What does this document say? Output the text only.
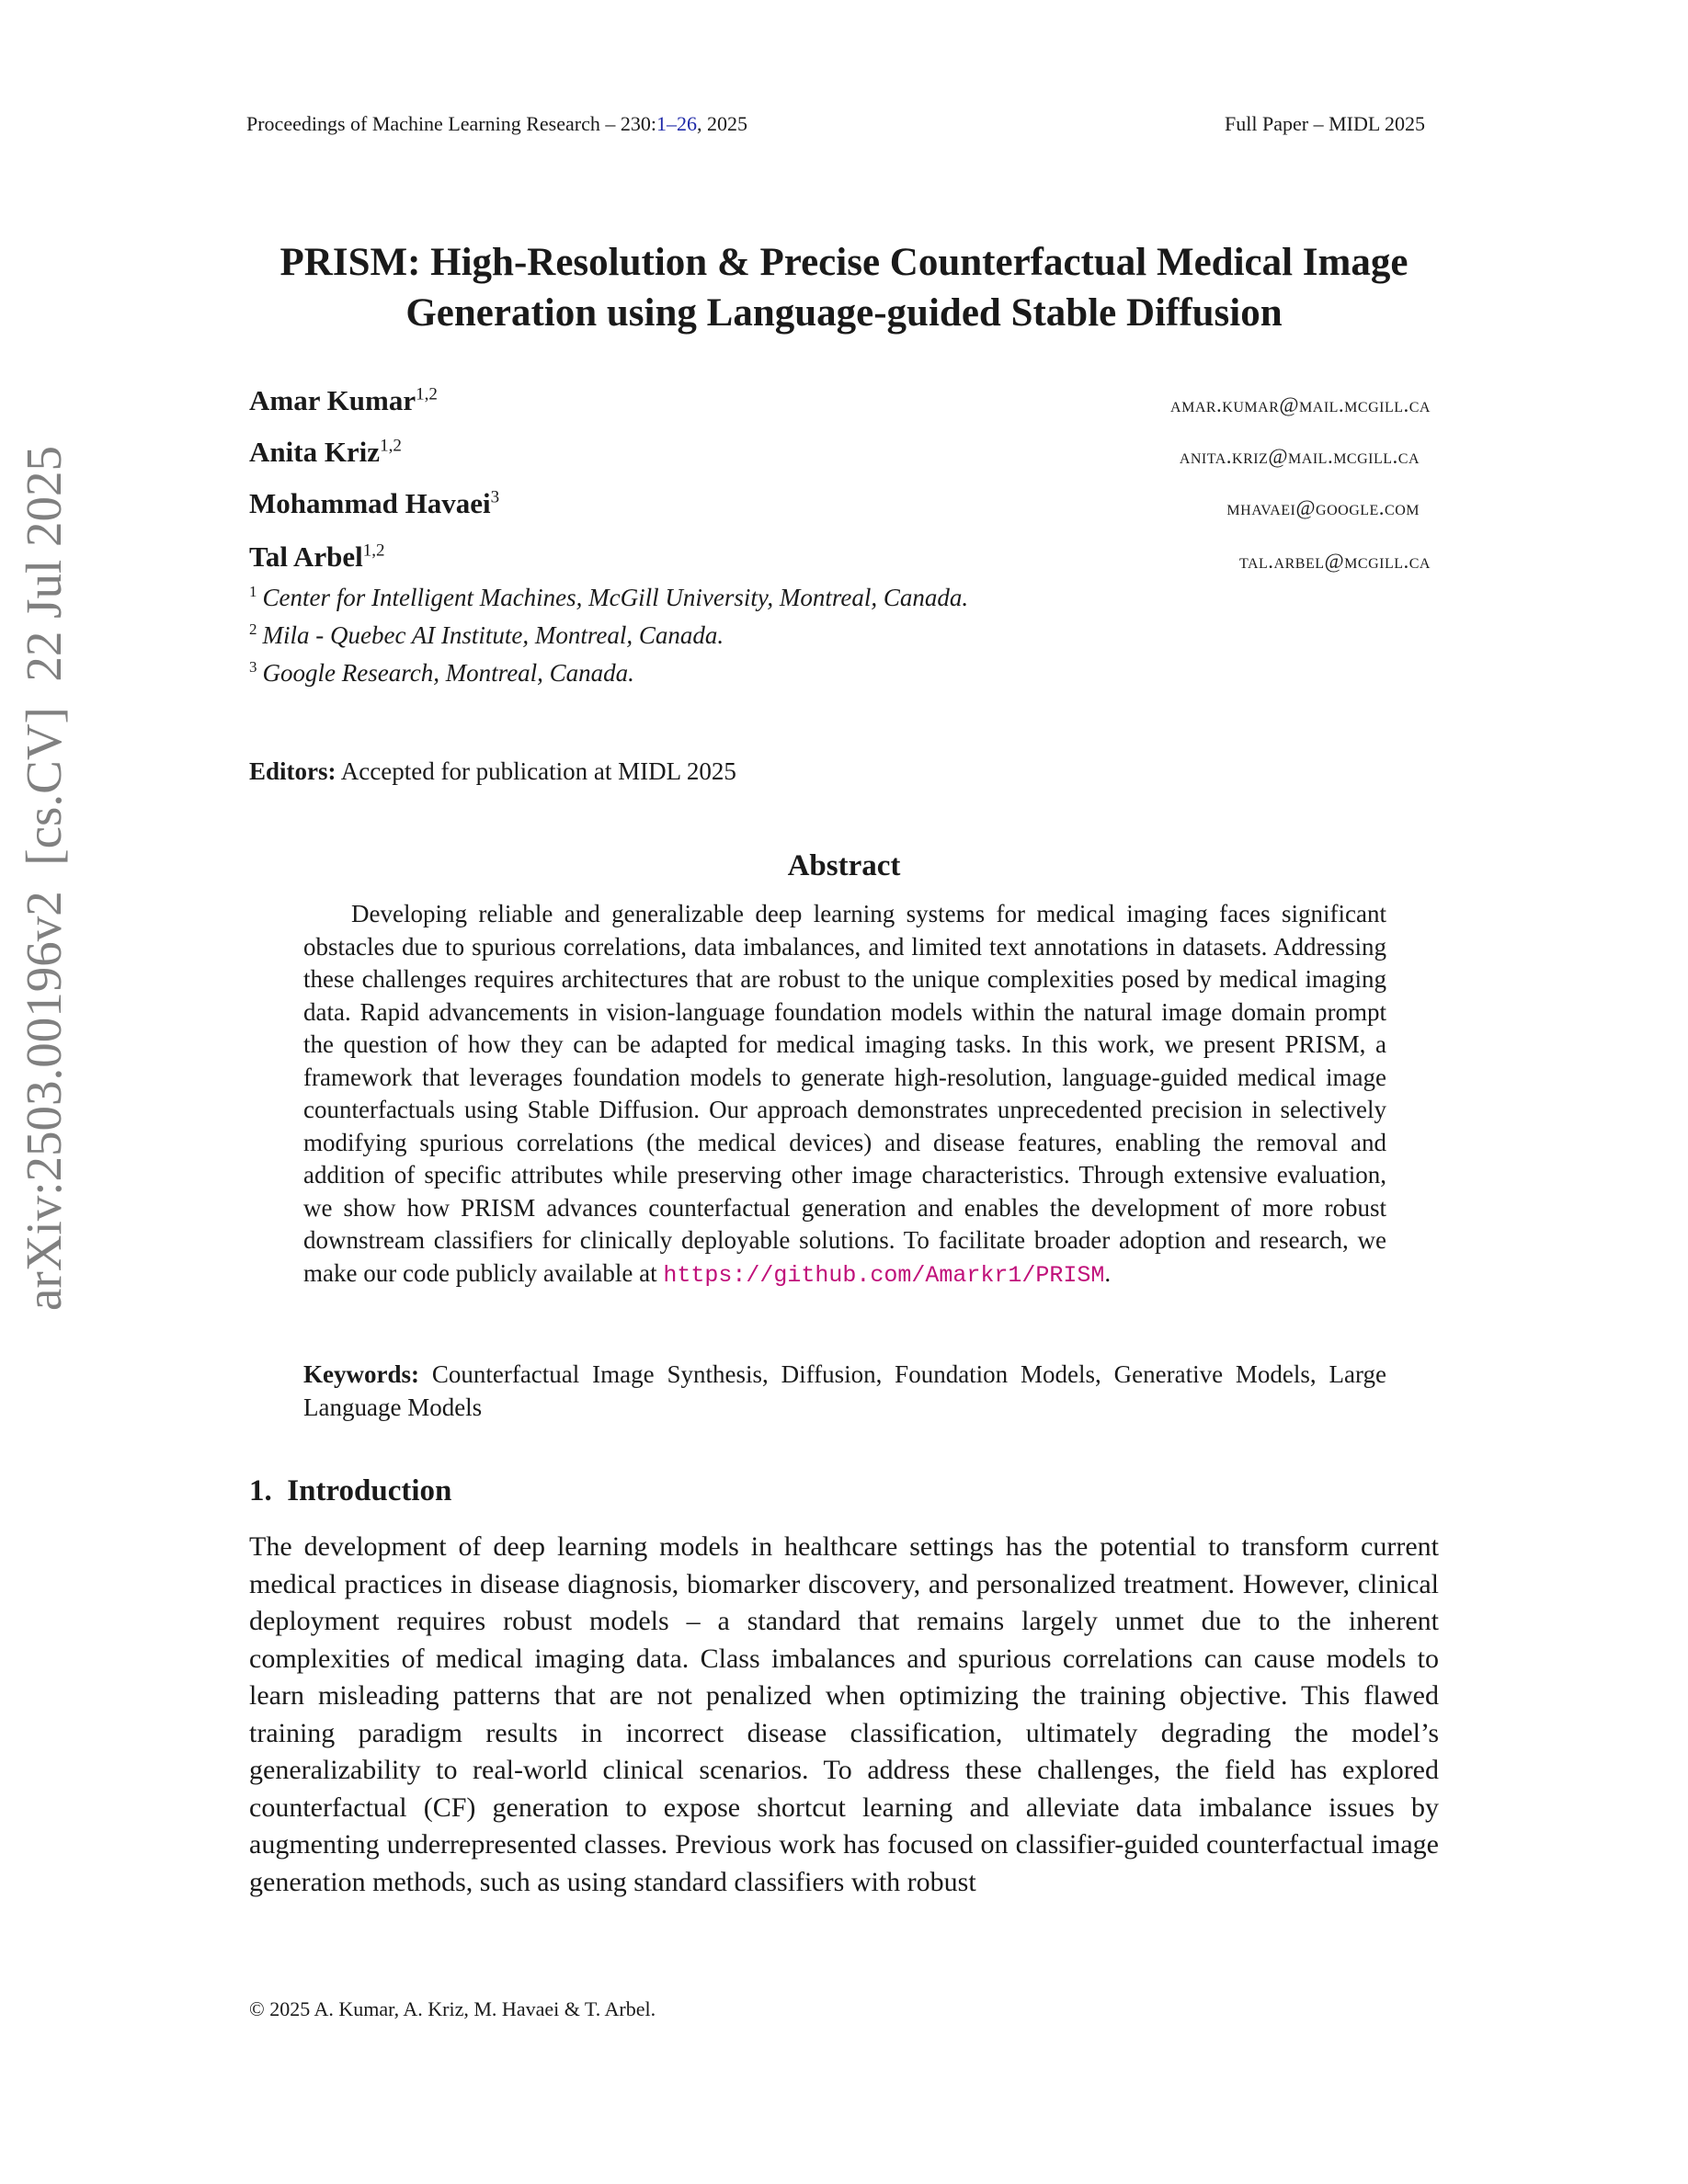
Proceedings of Machine Learning Research – 230:1–26, 2025	Full Paper – MIDL 2025
PRISM: High-Resolution & Precise Counterfactual Medical Image Generation using Language-guided Stable Diffusion
Amar Kumar$^{1,2}$	amar.kumar@mail.mcgill.ca
Anita Kriz$^{1,2}$	anita.kriz@mail.mcgill.ca
Mohammad Havaei$^3$	mhavaei@google.com
Tal Arbel$^{1,2}$	tal.arbel@mcgill.ca
$^1$ Center for Intelligent Machines, McGill University, Montreal, Canada.
$^2$ Mila - Quebec AI Institute, Montreal, Canada.
$^3$ Google Research, Montreal, Canada.
Editors: Accepted for publication at MIDL 2025
Abstract

Developing reliable and generalizable deep learning systems for medical imaging faces significant obstacles due to spurious correlations, data imbalances, and limited text annotations in datasets. Addressing these challenges requires architectures that are robust to the unique complexities posed by medical imaging data. Rapid advancements in vision-language foundation models within the natural image domain prompt the question of how they can be adapted for medical imaging tasks. In this work, we present PRISM, a framework that leverages foundation models to generate high-resolution, language-guided medical image counterfactuals using Stable Diffusion. Our approach demonstrates unprecedented precision in selectively modifying spurious correlations (the medical devices) and disease features, enabling the removal and addition of specific attributes while preserving other image characteristics. Through extensive evaluation, we show how PRISM advances counterfactual generation and enables the development of more robust downstream classifiers for clinically deployable solutions. To facilitate broader adoption and research, we make our code publicly available at https://github.com/Amarkr1/PRISM.

Keywords: Counterfactual Image Synthesis, Diffusion, Foundation Models, Generative Models, Large Language Models

1.  Introduction

The development of deep learning models in healthcare settings has the potential to transform current medical practices in disease diagnosis, biomarker discovery, and personalized treatment. However, clinical deployment requires robust models – a standard that remains largely unmet due to the inherent complexities of medical imaging data. Class imbalances and spurious correlations can cause models to learn misleading patterns that are not penalized when optimizing the training objective. This flawed training paradigm results in incorrect disease classification, ultimately degrading the model’s generalizability to real-world clinical scenarios. To address these challenges, the field has explored counterfactual (CF) generation to expose shortcut learning and alleviate data imbalance issues by augmenting underrepresented classes. Previous work has focused on classifier-guided counterfactual image generation methods, such as using standard classifiers with robust

© 2025 A. Kumar, A. Kriz, M. Havaei & T. Arbel.
arXiv:2503.00196v2  [cs.CV]  22 Jul 2025
